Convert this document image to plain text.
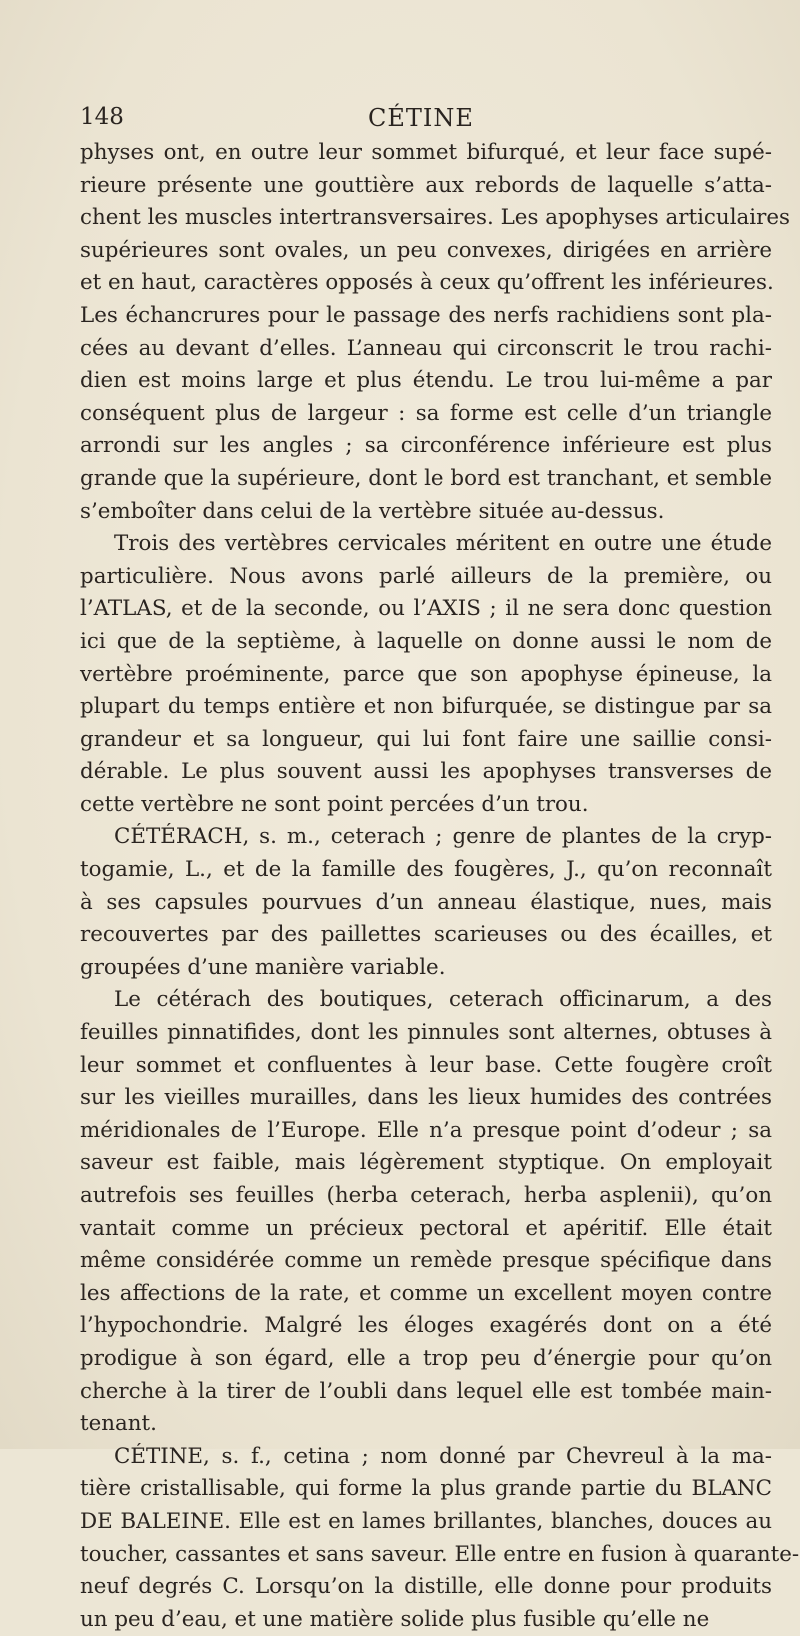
148	CÉTINE
physes ont, en outre leur sommet bifurqué, et leur face supé-
rieure présente une gouttière aux rebords de laquelle s’atta-
chent les muscles intertransversaires. Les apophyses articulaires
supérieures sont ovales, un peu convexes, dirigées en arrière
et en haut, caractères opposés à ceux qu’offrent les inférieures.
Les échancrures pour le passage des nerfs rachidiens sont pla-
cées au devant d’elles. L’anneau qui circonscrit le trou rachi-
dien est moins large et plus étendu. Le trou lui-même a par
conséquent plus de largeur : sa forme est celle d’un triangle
arrondi sur les angles ; sa circonférence inférieure est plus
grande que la supérieure, dont le bord est tranchant, et semble
s’emboîter dans celui de la vertèbre située au-dessus.
Trois des vertèbres cervicales méritent en outre une étude
particulière. Nous avons parlé ailleurs de la première, ou
l’ATLAS, et de la seconde, ou l’AXIS ; il ne sera donc question
ici que de la septième, à laquelle on donne aussi le nom de
vertèbre proéminente, parce que son apophyse épineuse, la
plupart du temps entière et non bifurquée, se distingue par sa
grandeur et sa longueur, qui lui font faire une saillie consi-
dérable. Le plus souvent aussi les apophyses transverses de
cette vertèbre ne sont point percées d’un trou.
CÉTÉRACH, s. m., ceterach ; genre de plantes de la cryp-
togamie, L., et de la famille des fougères, J., qu’on reconnaît
à ses capsules pourvues d’un anneau élastique, nues, mais
recouvertes par des paillettes scarieuses ou des écailles, et
groupées d’une manière variable.
Le cétérach des boutiques, ceterach officinarum, a des
feuilles pinnatifides, dont les pinnules sont alternes, obtuses à
leur sommet et confluentes à leur base. Cette fougère croît
sur les vieilles murailles, dans les lieux humides des contrées
méridionales de l’Europe. Elle n’a presque point d’odeur ; sa
saveur est faible, mais légèrement styptique. On employait
autrefois ses feuilles (herba ceterach, herba asplenii), qu’on
vantait comme un précieux pectoral et apéritif. Elle était
même considérée comme un remède presque spécifique dans
les affections de la rate, et comme un excellent moyen contre
l’hypochondrie. Malgré les éloges exagérés dont on a été
prodigue à son égard, elle a trop peu d’énergie pour qu’on
cherche à la tirer de l’oubli dans lequel elle est tombée main-
tenant.
CÉTINE, s. f., cetina ; nom donné par Chevreul à la ma-
tière cristallisable, qui forme la plus grande partie du BLANC
DE BALEINE. Elle est en lames brillantes, blanches, douces au
toucher, cassantes et sans saveur. Elle entre en fusion à quarante-
neuf degrés C. Lorsqu’on la distille, elle donne pour produits
un peu d’eau, et une matière solide plus fusible qu’elle ne
